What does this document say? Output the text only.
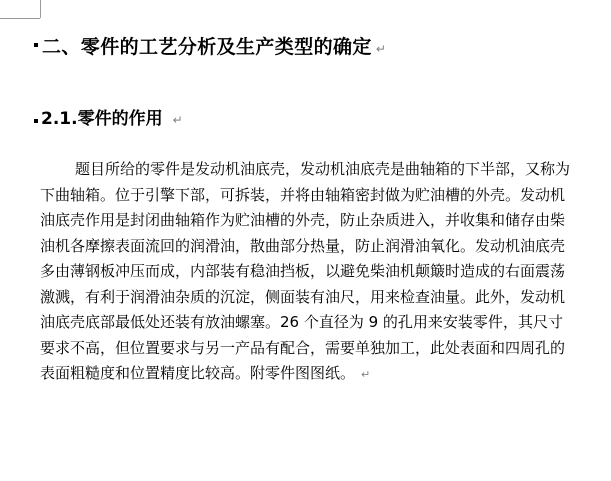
二、零件的工艺分析及生产类型的确定 ↵
2.1.零件的作用 ↵
题目所给的零件是发动机油底壳，发动机油底壳是曲轴箱的下半部，又称为
下曲轴箱。位于引擎下部，可拆装，并将由轴箱密封做为贮油槽的外壳。发动机
油底壳作用是封闭曲轴箱作为贮油槽的外壳，防止杂质进入，并收集和储存由柴
油机各摩擦表面流回的润滑油，散曲部分热量，防止润滑油氧化。发动机油底壳
多由薄钢板冲压而成，内部装有稳油挡板，以避免柴油机颠簸时造成的右面震荡
激溅，有利于润滑油杂质的沉淀，侧面装有油尺，用来检查油量。此外，发动机
油底壳底部最低处还装有放油螺塞。26 个直径为 9 的孔用来安装零件，其尺寸
要求不高，但位置要求与另一产品有配合，需要单独加工，此处表面和四周孔的
表面粗糙度和位置精度比较高。附零件图图纸。 ↵
